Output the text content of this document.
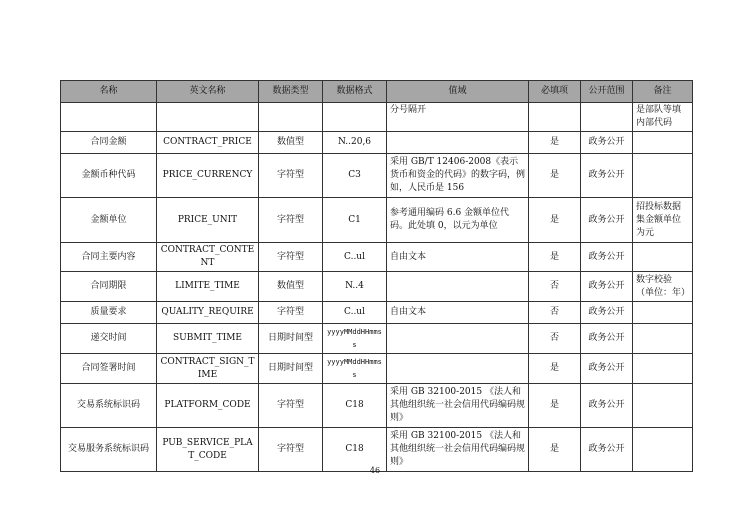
名称	英文名称	数据类型	数据格式	值域	必填项	公开范围	备注
				分号隔开			是部队等填内部代码
合同金额	CONTRACT_PRICE	数值型	N..20,6		是	政务公开	
金额币种代码	PRICE_CURRENCY	字符型	C3	采用 GB/T 12406-2008《表示货币和资金的代码》的数字码，例如，人民币是 156	是	政务公开	
金额单位	PRICE_UNIT	字符型	C1	参考通用编码 6.6 金额单位代码。此处填 0，以元为单位	是	政务公开	招投标数据集金额单位为元
合同主要内容	CONTRACT_CONTENT	字符型	C..ul	自由文本	是	政务公开	
合同期限	LIMITE_TIME	数值型	N..4		否	政务公开	数字校验（单位：年）
质量要求	QUALITY_REQUIRE	字符型	C..ul	自由文本	否	政务公开	
递交时间	SUBMIT_TIME	日期时间型	yyyyMMddHHmmss		否	政务公开	
合同签署时间	CONTRACT_SIGN_TIME	日期时间型	yyyyMMddHHmmss		是	政务公开	
交易系统标识码	PLATFORM_CODE	字符型	C18	采用 GB 32100-2015 《法人和其他组织统一社会信用代码编码规则》	是	政务公开	
交易服务系统标识码	PUB_SERVICE_PLAT_CODE	字符型	C18	采用 GB 32100-2015 《法人和其他组织统一社会信用代码编码规则》	是	政务公开	
46
